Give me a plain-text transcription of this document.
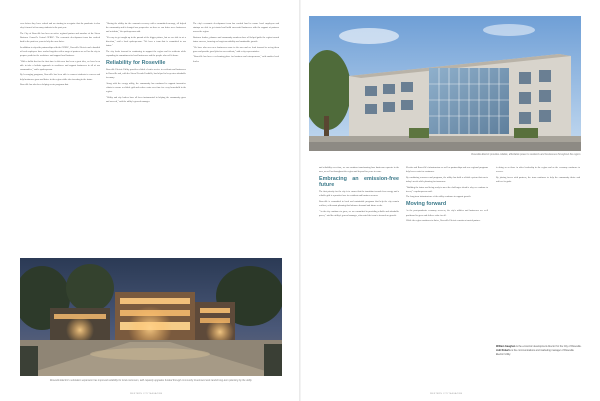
even before they leave school and are starting to recognize that the pandemic is also why it turned off so many students in the past year.

The City of Roseville has been an active regional partner and member of the Sierra Business Council's Central GPREC. The economic development team has worked hard in the past two years to help the area thrive.

In addition to citywide partnerships with the GPREC, Roseville Electric and a handful of local employers have worked together with a range of partners as well as the city to prepare youth for the workforce and support local business.

"With a ballot that for the first time in this area has been a great idea, we have been able to take a holistic approach to workforce and support businesses in all of our communities," said a spokesperson.

By leveraging programs, Roseville has been able to connect students to careers and help businesses grow and thrive in the region while also investing in the future.

Roseville has also been helping create programs that

"Having the ability for the economic recovery with a committed message, all helped the community and it changed our perspective on how we can better serve businesses and residents," the spokesperson said.

"It's easy to get caught up in the pursuit of the bigger picture, but we are able to set a direction," said a local spokesperson. "We have a team that is committed to our future."

The city looks forward to continuing to support the region and its residents while expanding its commitment to local businesses and the people who call it home.

Reliability for Roseville

Roseville Electric Utility provides reliable electric service to residents and businesses in Roseville and, with the Sierra Nevada Foothills, has helped to keep rates affordable for many.

Along with the energy utility, the community has continued to support innovative efforts to ensure a reliable grid and reduce costs over time for every household in the region.

"Utility and city leaders have all been instrumental in helping the community grow and succeed," said the utility's general manager.

The city's economic development team has worked hard to ensure local employers and startups are able to get started and build successful businesses with the support of partners across the region.

Business leaders, planners and community members have all helped guide the region toward future success, focusing on long-term stability and sustainable growth.

"We have also seen new businesses come to the area and we look forward to seeing them grow and provide good jobs for our residents," said a city representative.

"Roseville has been a welcoming place for business and entrepreneurs," said another local leader.

Roseville Electric's substation expansion has improved reliability for local customers, with capacity upgrades funded through community investment and careful long-term planning by the utility.
WESTERN CITY MAGAZINE
Roseville Electric provides reliable, affordable power to residents and businesses throughout the region.

and reliability over time, we can continue transforming how businesses operate in the area, as well as throughout the region and beyond for years to come.

Embracing an emission-free future

The first priority for the city is to ensure that the transition toward clean energy and a reliable grid is a practical one for residents and business owners.

Roseville is committed to local and sustainable programs that help the city remain resilient, with smart planning that balances demand and future needs.

"As the city continues to grow, we are committed to providing reliable and affordable power," said the utility's general manager, who noted the team is focused on growth.

Electric and Roseville's infrastructure as well as partnerships and new regional programs help lower costs for customers.

By combining resources and programs, the utility has built a reliable system that meets today's needs while planning for tomorrow.

"Building the future and being ready to meet the challenges ahead is why we continue to invest," a spokesperson said.

The long-term infrastructure of the utility continues to support growth.

Moving forward

As the post-pandemic economy recovers, the city's utilities and businesses are well positioned to grow and deliver value for all.

While the region continues to thrive, Roseville Electric remains a trusted partner.

is doing so as those in other leadership in the region and as the economy continues to recover.

By joining forces with partners, the team continues to help the community thrive and achieve its goals.

William Gaughen is the economic development director for the City of Roseville.

Jodi Roberts is the communications and marketing manager of Roseville Electric Utility.

WESTERN CITY MAGAZINE
